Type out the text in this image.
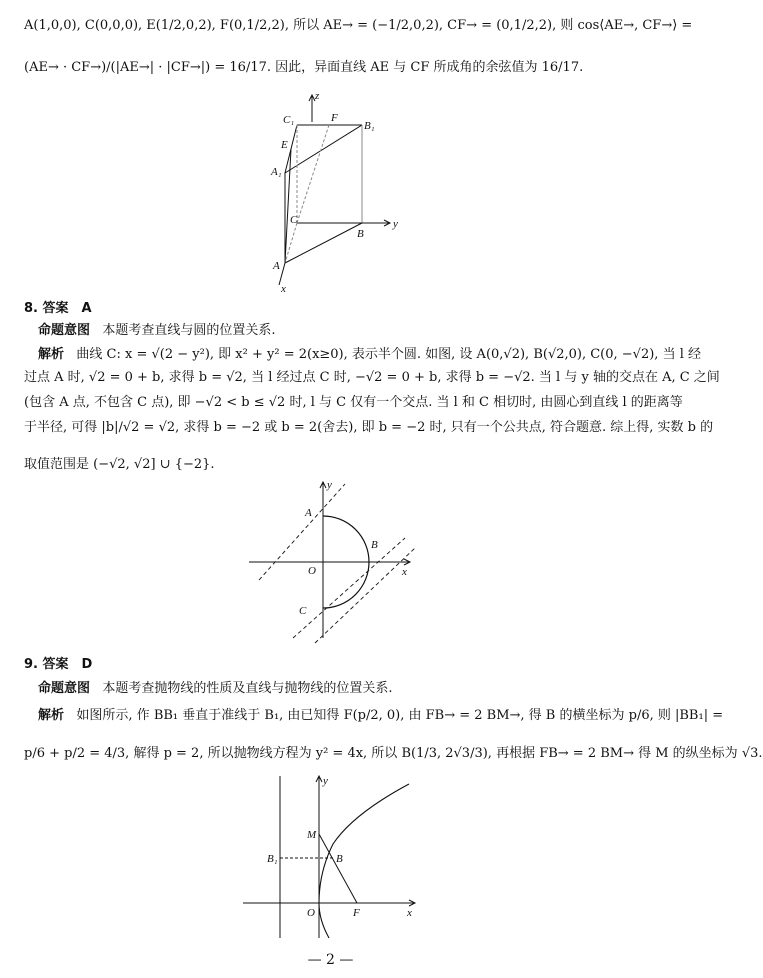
A(1,0,0), C(0,0,0), E(1/2,0,2), F(0,1/2,2), 所以 AE→ = (−1/2,0,2), CF→ = (0,1/2,2), 则 cos⟨AE→, CF→⟩ =
(AE→ · CF→)/(|AE→| · |CF→|) = 16/17. 因此，异面直线 AE 与 CF 所成角的余弦值为 16/17.
z
C₁	F
B₁
E
A₁
C
B
y
A
x
8. 答案　A
命题意图 本题考查直线与圆的位置关系.
解析 曲线 C: x = √(2 − y²), 即 x² + y² = 2(x≥0), 表示半个圆. 如图, 设 A(0,√2), B(√2,0), C(0, −√2), 当 l 经
过点 A 时, √2 = 0 + b, 求得 b = √2, 当 l 经过点 C 时, −√2 = 0 + b, 求得 b = −√2. 当 l 与 y 轴的交点在 A, C 之间
(包含 A 点, 不包含 C 点), 即 −√2 < b ≤ √2 时, l 与 C 仅有一个交点. 当 l 和 C 相切时, 由圆心到直线 l 的距离等
于半径, 可得 |b|/√2 = √2, 求得 b = −2 或 b = 2(舍去), 即 b = −2 时, 只有一个公共点, 符合题意. 综上得, 实数 b 的
取值范围是 (−√2, √2] ∪ {−2}.
y
A
B
O	x
C
9. 答案　D
命题意图 本题考查抛物线的性质及直线与抛物线的位置关系.
解析 如图所示, 作 BB₁ 垂直于准线于 B₁, 由已知得 F(p/2, 0), 由 FB→ = 2 BM→, 得 B 的横坐标为 p/6, 则 |BB₁| =
p/6 + p/2 = 4/3, 解得 p = 2, 所以抛物线方程为 y² = 4x, 所以 B(1/3, 2√3/3), 再根据 FB→ = 2 BM→ 得 M 的纵坐标为 √3.
y
M
B₁	B
O	F	x
— 2 —
